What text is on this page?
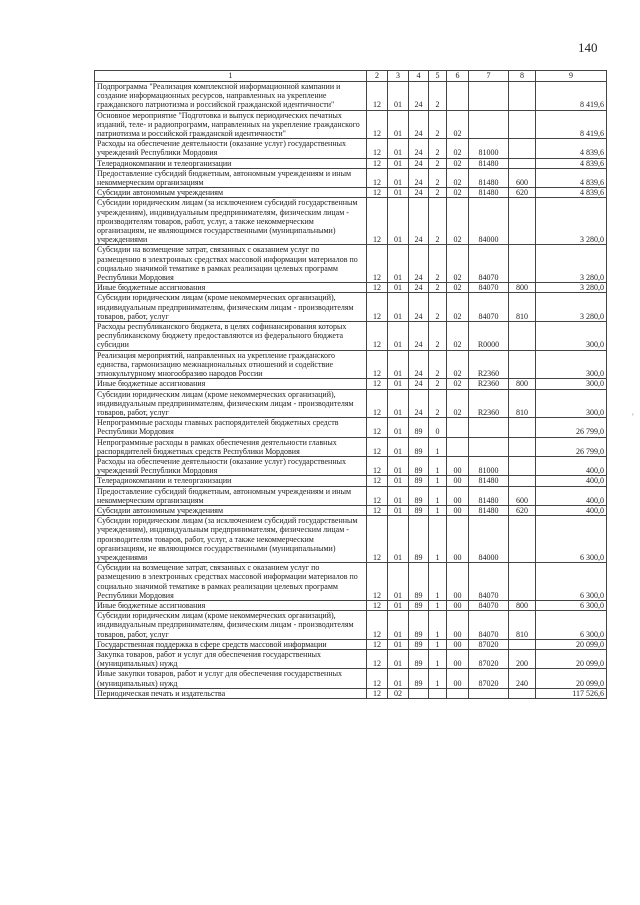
140
1	2	3	4	5	6	7	8	9
Подпрограмма "Реализация комплексной информационной кампании и создание информационных ресурсов, направленных на укрепление гражданского патриотизма и российской гражданской идентичности"	12	01	24	2				8 419,6
Основное мероприятие "Подготовка и выпуск периодических печатных изданий, теле- и радиопрограмм, направленных на укрепление гражданского патриотизма и российской гражданской идентичности"	12	01	24	2	02			8 419,6
Расходы на обеспечение деятельности (оказание услуг) государственных учреждений Республики Мордовия	12	01	24	2	02	81000		4 839,6
Телерадиокомпании и телеорганизации	12	01	24	2	02	81480		4 839,6
Предоставление субсидий бюджетным, автономным учреждениям и иным некоммерческим организациям	12	01	24	2	02	81480	600	4 839,6
Субсидии автономным учреждениям	12	01	24	2	02	81480	620	4 839,6
Субсидии юридическим лицам (за исключением субсидий государственным учреждениям), индивидуальным предпринимателям, физическим лицам - производителям товаров, работ, услуг, а также некоммерческим организациям, не являющимся государственными (муниципальными) учреждениями	12	01	24	2	02	84000		3 280,0
Субсидии на возмещение затрат, связанных с оказанием услуг по размещению в электронных средствах массовой информации материалов по социально значимой тематике в рамках реализации целевых программ Республики Мордовия	12	01	24	2	02	84070		3 280,0
Иные бюджетные ассигнования	12	01	24	2	02	84070	800	3 280,0
Субсидии юридическим лицам (кроме некоммерческих организаций), индивидуальным предпринимателям, физическим лицам - производителям товаров, работ, услуг	12	01	24	2	02	84070	810	3 280,0
Расходы республиканского бюджета, в целях софинансирования которых республиканскому бюджету предоставляются из федерального бюджета субсидии	12	01	24	2	02	R0000		300,0
Реализация мероприятий, направленных на укрепление гражданского единства, гармонизацию межнациональных отношений и содействие этнокультурному многообразию народов России	12	01	24	2	02	R2360		300,0
Иные бюджетные ассигнования	12	01	24	2	02	R2360	800	300,0
Субсидии юридическим лицам (кроме некоммерческих организаций), индивидуальным предпринимателям, физическим лицам - производителям товаров, работ, услуг	12	01	24	2	02	R2360	810	300,0
Непрограммные расходы главных распорядителей бюджетных средств Республики Мордовия	12	01	89	0				26 799,0
Непрограммные расходы в рамках обеспечения деятельности главных распорядителей бюджетных средств Республики Мордовия	12	01	89	1				26 799,0
Расходы на обеспечение деятельности (оказание услуг) государственных учреждений Республики Мордовия	12	01	89	1	00	81000		400,0
Телерадиокомпании и телеорганизации	12	01	89	1	00	81480		400,0
Предоставление субсидий бюджетным, автономным учреждениям и иным некоммерческим организациям	12	01	89	1	00	81480	600	400,0
Субсидии автономным учреждениям	12	01	89	1	00	81480	620	400,0
Субсидии юридическим лицам (за исключением субсидий государственным учреждениям), индивидуальным предпринимателям, физическим лицам - производителям товаров, работ, услуг, а также некоммерческим организациям, не являющимся государственными (муниципальными) учреждениями	12	01	89	1	00	84000		6 300,0
Субсидии на возмещение затрат, связанных с оказанием услуг по размещению в электронных средствах массовой информации материалов по социально значимой тематике в рамках реализации целевых программ Республики Мордовия	12	01	89	1	00	84070		6 300,0
Иные бюджетные ассигнования	12	01	89	1	00	84070	800	6 300,0
Субсидии юридическим лицам (кроме некоммерческих организаций), индивидуальным предпринимателям, физическим лицам - производителям товаров, работ, услуг	12	01	89	1	00	84070	810	6 300,0
Государственная поддержка в сфере средств массовой информации	12	01	89	1	00	87020		20 099,0
Закупка товаров, работ и услуг для обеспечения государственных (муниципальных) нужд	12	01	89	1	00	87020	200	20 099,0
Иные закупки товаров, работ и услуг для обеспечения государственных (муниципальных) нужд	12	01	89	1	00	87020	240	20 099,0
Периодическая печать и издательства	12	02						117 526,6
'
